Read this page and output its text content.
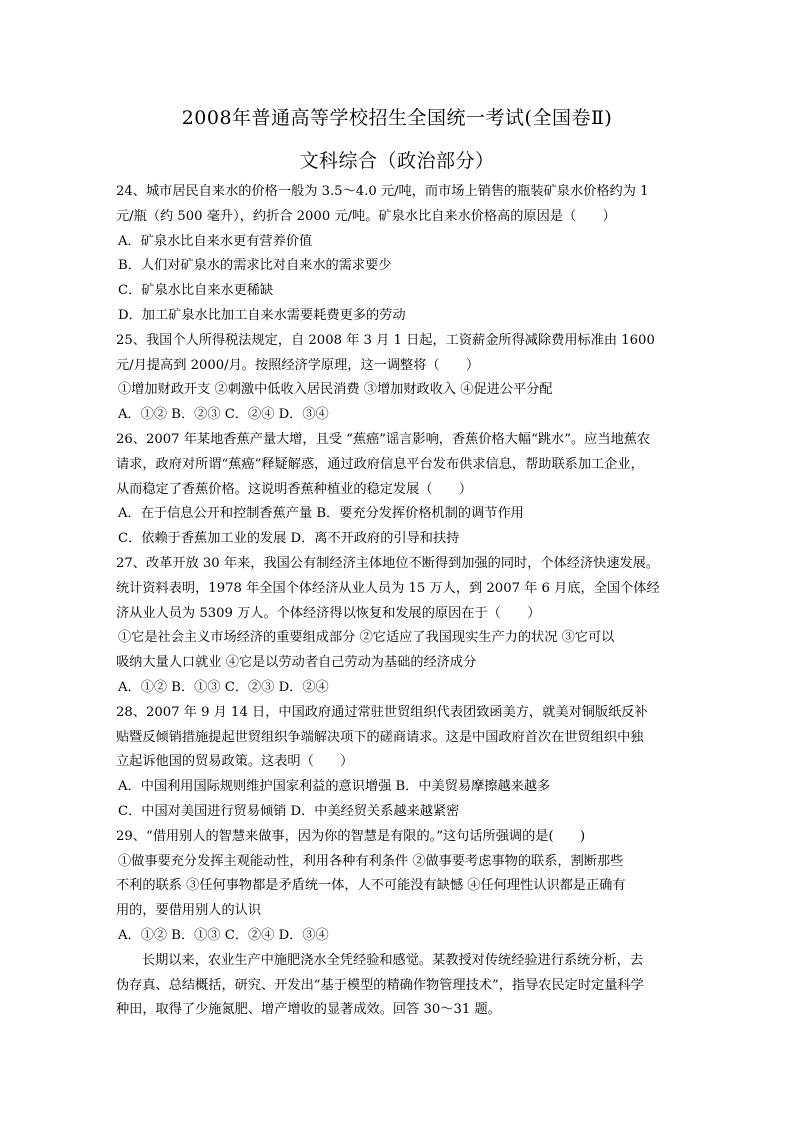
2008年普通高等学校招生全国统一考试(全国卷Ⅱ)
文科综合（政治部分）
24、城市居民自来水的价格一般为 3.5～4.0 元/吨，而市场上销售的瓶装矿泉水价格约为 1
元/瓶（约 500 毫升），约折合 2000 元/吨。矿泉水比自来水价格高的原因是（　　）
A．矿泉水比自来水更有营养价值
B．人们对矿泉水的需求比对自来水的需求要少
C．矿泉水比自来水更稀缺
D．加工矿泉水比加工自来水需要耗费更多的劳动
25、我国个人所得税法规定，自 2008 年 3 月 1 日起，工资薪金所得减除费用标准由 1600
元/月提高到 2000/月。按照经济学原理，这一调整将（　　）
①增加财政开支 ②刺激中低收入居民消费 ③增加财政收入 ④促进公平分配
A．①② B．②③ C．②④ D．③④
26、2007 年某地香蕉产量大增，且受 “蕉癌”谣言影响，香蕉价格大幅“跳水”。应当地蕉农
请求，政府对所谓“蕉癌”释疑解惑，通过政府信息平台发布供求信息，帮助联系加工企业，
从而稳定了香蕉价格。这说明香蕉种植业的稳定发展（　　）
A．在于信息公开和控制香蕉产量 B．要充分发挥价格机制的调节作用
C．依赖于香蕉加工业的发展 D．离不开政府的引导和扶持
27、改革开放 30 年来，我国公有制经济主体地位不断得到加强的同时，个体经济快速发展。
统计资料表明，1978 年全国个体经济从业人员为 15 万人，到 2007 年 6 月底，全国个体经
济从业人员为 5309 万人。个体经济得以恢复和发展的原因在于（　　）
①它是社会主义市场经济的重要组成部分 ②它适应了我国现实生产力的状况 ③它可以
吸纳大量人口就业 ④它是以劳动者自己劳动为基础的经济成分
A．①② B．①③ C．②③ D．②④
28、2007 年 9 月 14 日，中国政府通过常驻世贸组织代表团致函美方，就美对铜版纸反补
贴暨反倾销措施提起世贸组织争端解决项下的磋商请求。这是中国政府首次在世贸组织中独
立起诉他国的贸易政策。这表明（　　）
A．中国利用国际规则维护国家利益的意识增强 B．中美贸易摩擦越来越多
C．中国对美国进行贸易倾销 D．中美经贸关系越来越紧密
29、“借用别人的智慧来做事，因为你的智慧是有限的。”这句话所强调的是(　　)
①做事要充分发挥主观能动性，利用各种有利条件 ②做事要考虑事物的联系，割断那些
不利的联系 ③任何事物都是矛盾统一体，人不可能没有缺憾 ④任何理性认识都是正确有
用的，要借用别人的认识
A．①② B．①③ C．②④ D．③④
长期以来，农业生产中施肥浇水全凭经验和感觉。某教授对传统经验进行系统分析，去
伪存真、总结概括，研究、开发出“基于模型的精确作物管理技术”，指导农民定时定量科学
种田，取得了少施氮肥、增产增收的显著成效。回答 30～31 题。
